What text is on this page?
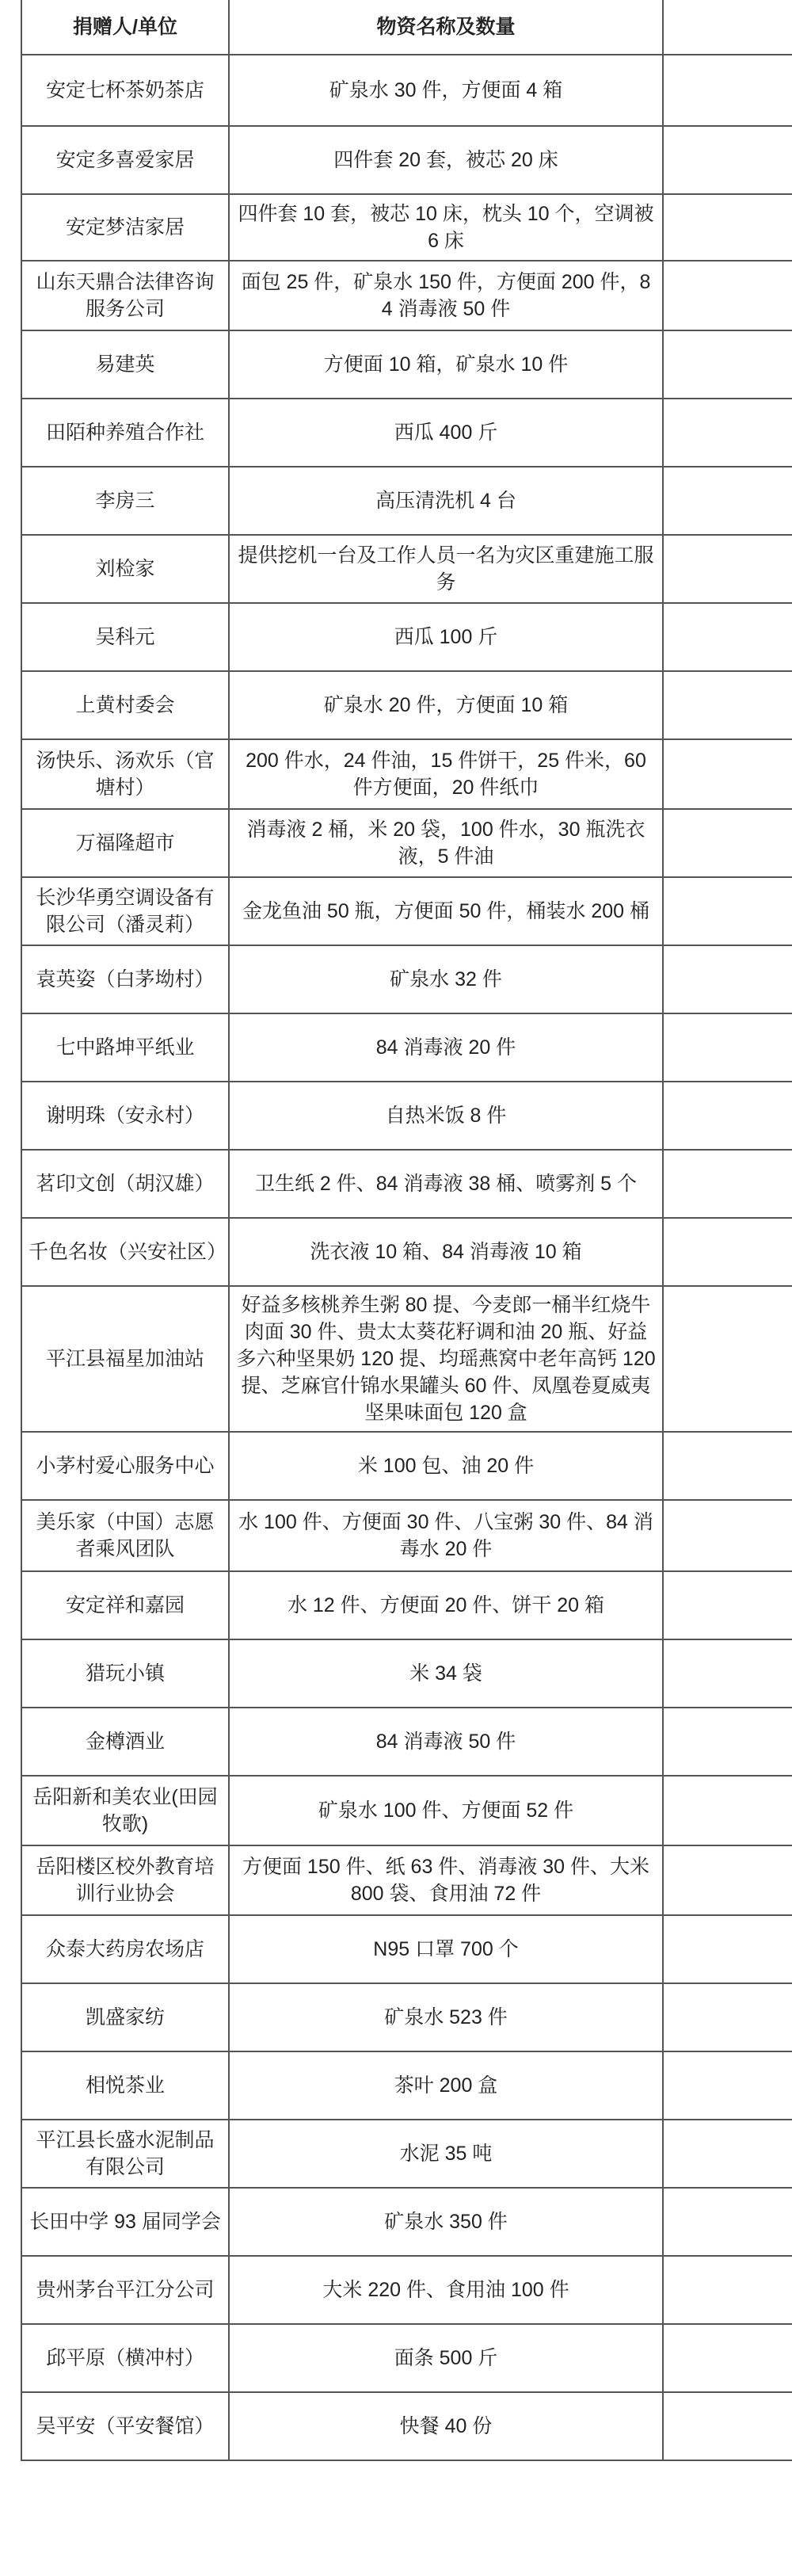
捐赠人/单位	物资名称及数量	
安定七杯茶奶茶店	矿泉水 30 件，方便面 4 箱	
安定多喜爱家居	四件套 20 套，被芯 20 床	
安定梦洁家居	四件套 10 套，被芯 10 床，枕头 10 个，空调被 6 床	
山东天鼎合法律咨询服务公司	面包 25 件，矿泉水 150 件，方便面 200 件，84 消毒液 50 件	
易建英	方便面 10 箱，矿泉水 10 件	
田陌种养殖合作社	西瓜 400 斤	
李房三	高压清洗机 4 台	
刘检家	提供挖机一台及工作人员一名为灾区重建施工服务	
吴科元	西瓜 100 斤	
上黄村委会	矿泉水 20 件，方便面 10 箱	
汤快乐、汤欢乐（官塘村）	200 件水，24 件油，15 件饼干，25 件米，60 件方便面，20 件纸巾	
万福隆超市	消毒液 2 桶，米 20 袋，100 件水，30 瓶洗衣液，5 件油	
长沙华勇空调设备有限公司（潘灵莉）	金龙鱼油 50 瓶，方便面 50 件，桶装水 200 桶	
袁英姿（白茅坳村）	矿泉水 32 件	
七中路坤平纸业	84 消毒液 20 件	
谢明珠（安永村）	自热米饭 8 件	
茗印文创（胡汉雄）	卫生纸 2 件、84 消毒液 38 桶、喷雾剂 5 个	
千色名妆（兴安社区）	洗衣液 10 箱、84 消毒液 10 箱	
平江县福星加油站	好益多核桃养生粥 80 提、今麦郎一桶半红烧牛肉面 30 件、贵太太葵花籽调和油 20 瓶、好益多六种坚果奶 120 提、均瑶燕窝中老年高钙 120 提、芝麻官什锦水果罐头 60 件、凤凰卷夏威夷坚果味面包 120 盒	
小茅村爱心服务中心	米 100 包、油 20 件	
美乐家（中国）志愿者乘风团队	水 100 件、方便面 30 件、八宝粥 30 件、84 消毒水 20 件	
安定祥和嘉园	水 12 件、方便面 20 件、饼干 20 箱	
猎玩小镇	米 34 袋	
金樽酒业	84 消毒液 50 件	
岳阳新和美农业(田园牧歌)	矿泉水 100 件、方便面 52 件	
岳阳楼区校外教育培训行业协会	方便面 150 件、纸 63 件、消毒液 30 件、大米 800 袋、食用油 72 件	
众泰大药房农场店	N95 口罩 700 个	
凯盛家纺	矿泉水 523 件	
相悦茶业	茶叶 200 盒	
平江县长盛水泥制品有限公司	水泥 35 吨	
长田中学 93 届同学会	矿泉水 350 件	
贵州茅台平江分公司	大米 220 件、食用油 100 件	
邱平原（横冲村）	面条 500 斤	
吴平安（平安餐馆）	快餐 40 份	
